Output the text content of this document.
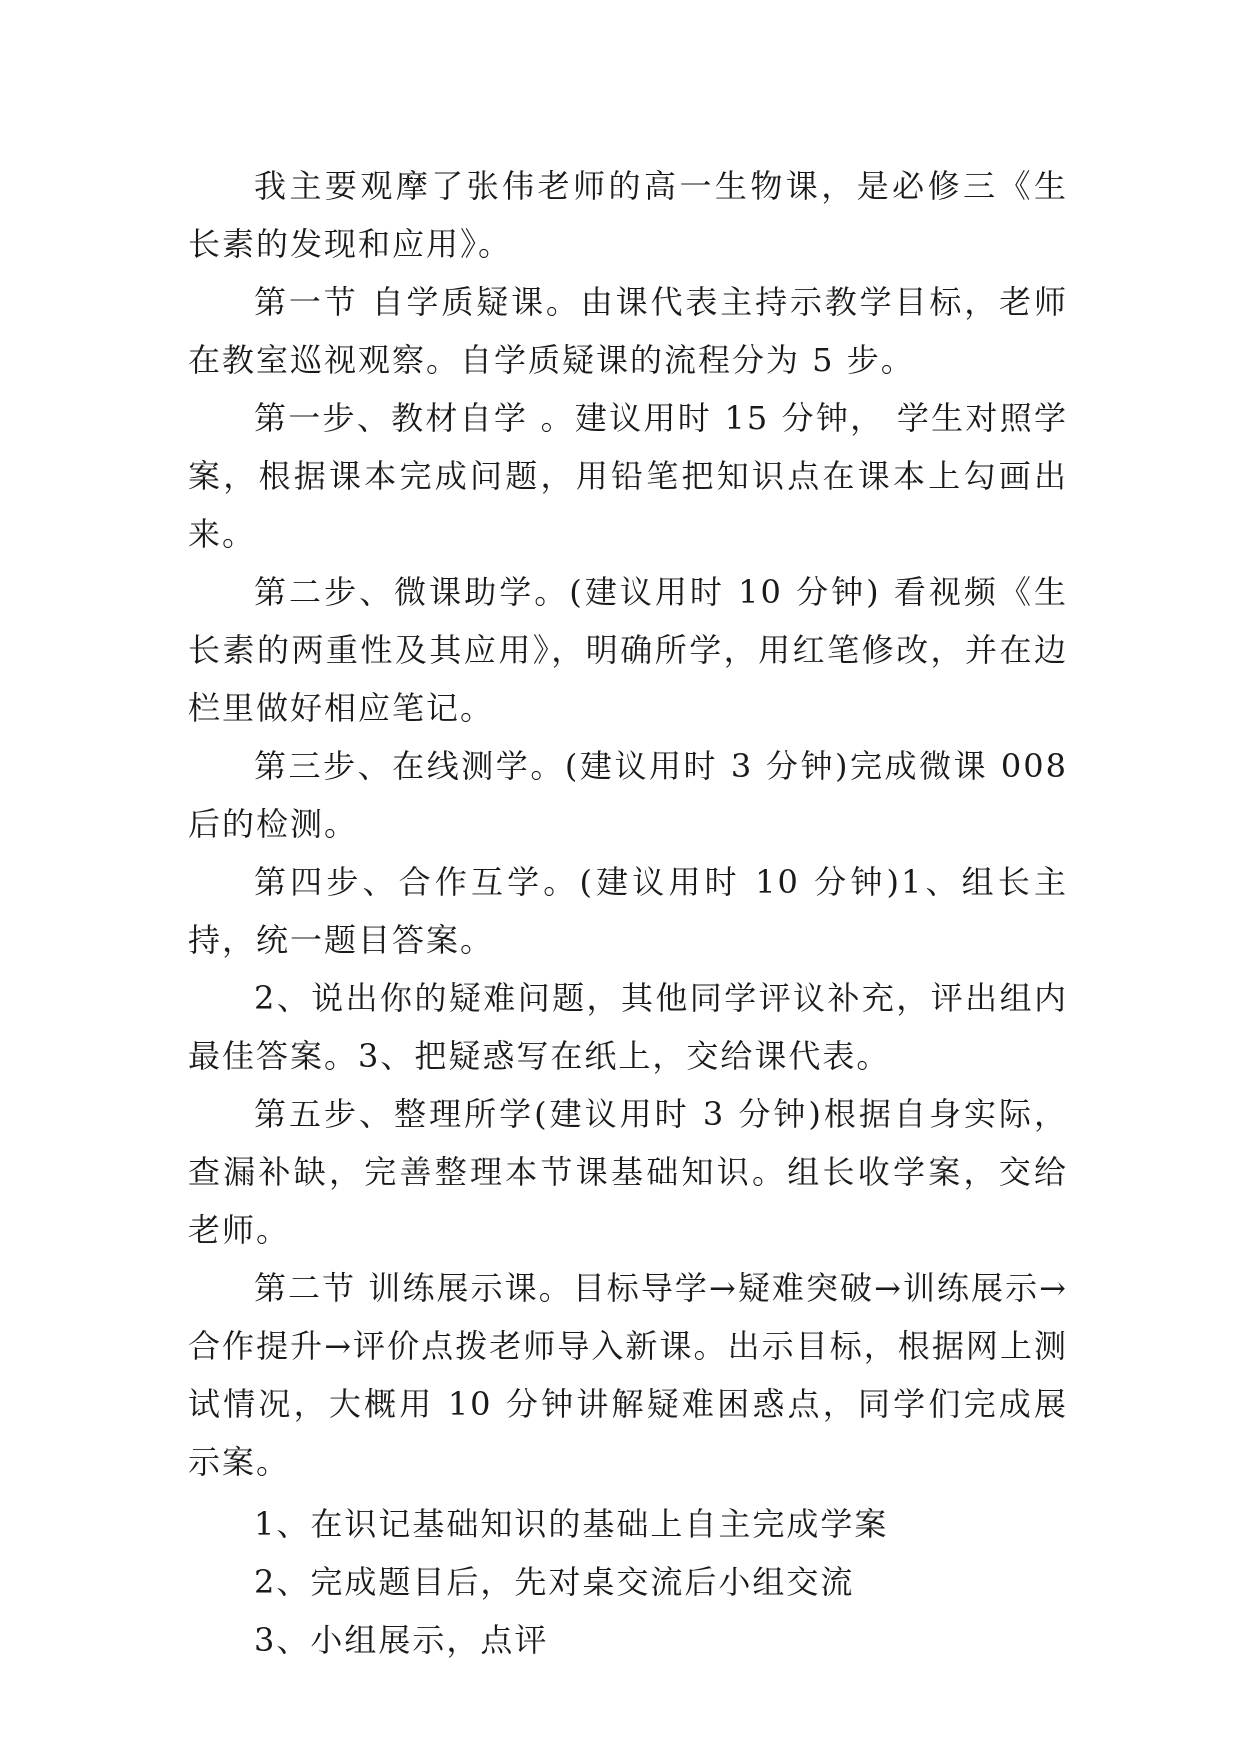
我主要观摩了张伟老师的高一生物课，是必修三《生长素的发现和应用》。

第一节 自学质疑课。由课代表主持示教学目标，老师在教室巡视观察。自学质疑课的流程分为 5 步。

第一步、教材自学 。建议用时 15 分钟， 学生对照学案，根据课本完成问题，用铅笔把知识点在课本上勾画出来。

第二步、微课助学。(建议用时 10 分钟) 看视频《生长素的两重性及其应用》，明确所学，用红笔修改，并在边栏里做好相应笔记。

第三步、在线测学。(建议用时 3 分钟)完成微课 008 后的检测。

第四步、合作互学。(建议用时 10 分钟)1、组长主持，统一题目答案。

2、说出你的疑难问题，其他同学评议补充，评出组内最佳答案。3、把疑惑写在纸上，交给课代表。

第五步、整理所学(建议用时 3 分钟)根据自身实际，查漏补缺，完善整理本节课基础知识。组长收学案，交给老师。

第二节 训练展示课。目标导学→疑难突破→训练展示→合作提升→评价点拨老师导入新课。出示目标，根据网上测试情况，大概用 10 分钟讲解疑难困惑点，同学们完成展示案。

1、在识记基础知识的基础上自主完成学案

2、完成题目后，先对桌交流后小组交流

3、小组展示，点评
